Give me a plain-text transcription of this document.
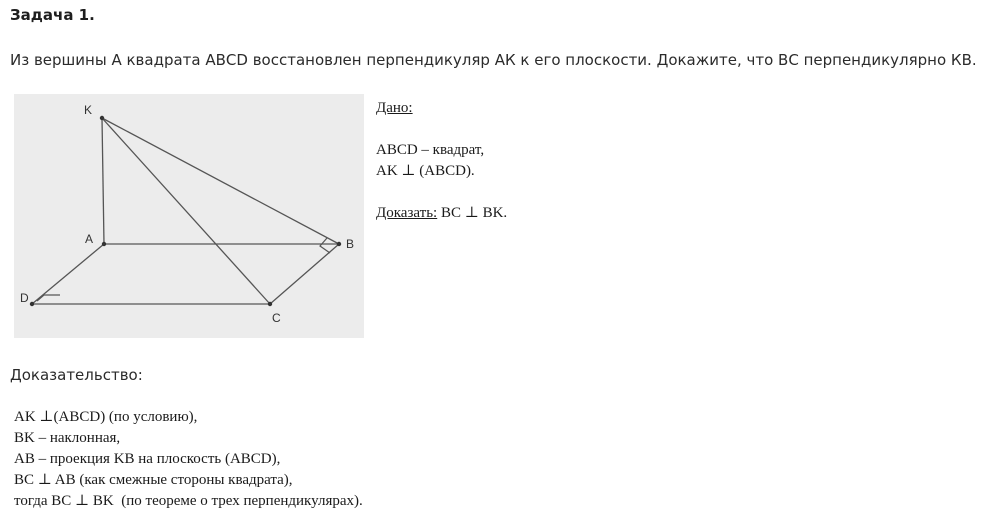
Задача 1.
Из вершины А квадрата АВСD восстановлен перпендикуляр АК к его плоскости. Докажите, что ВС перпендикулярно КВ.
K
A	B
C
D
Дано:
ABCD – квадрат,
AK ⊥ (ABCD).
Доказать: BC ⊥ BK.
Доказательство:
AK ⊥(ABCD) (по условию),
BK – наклонная,
AB – проекция KB на плоскость (ABCD),
BC ⊥ AB (как смежные стороны квадрата),
тогда BC ⊥ BK  (по теореме о трех перпендикулярах).
